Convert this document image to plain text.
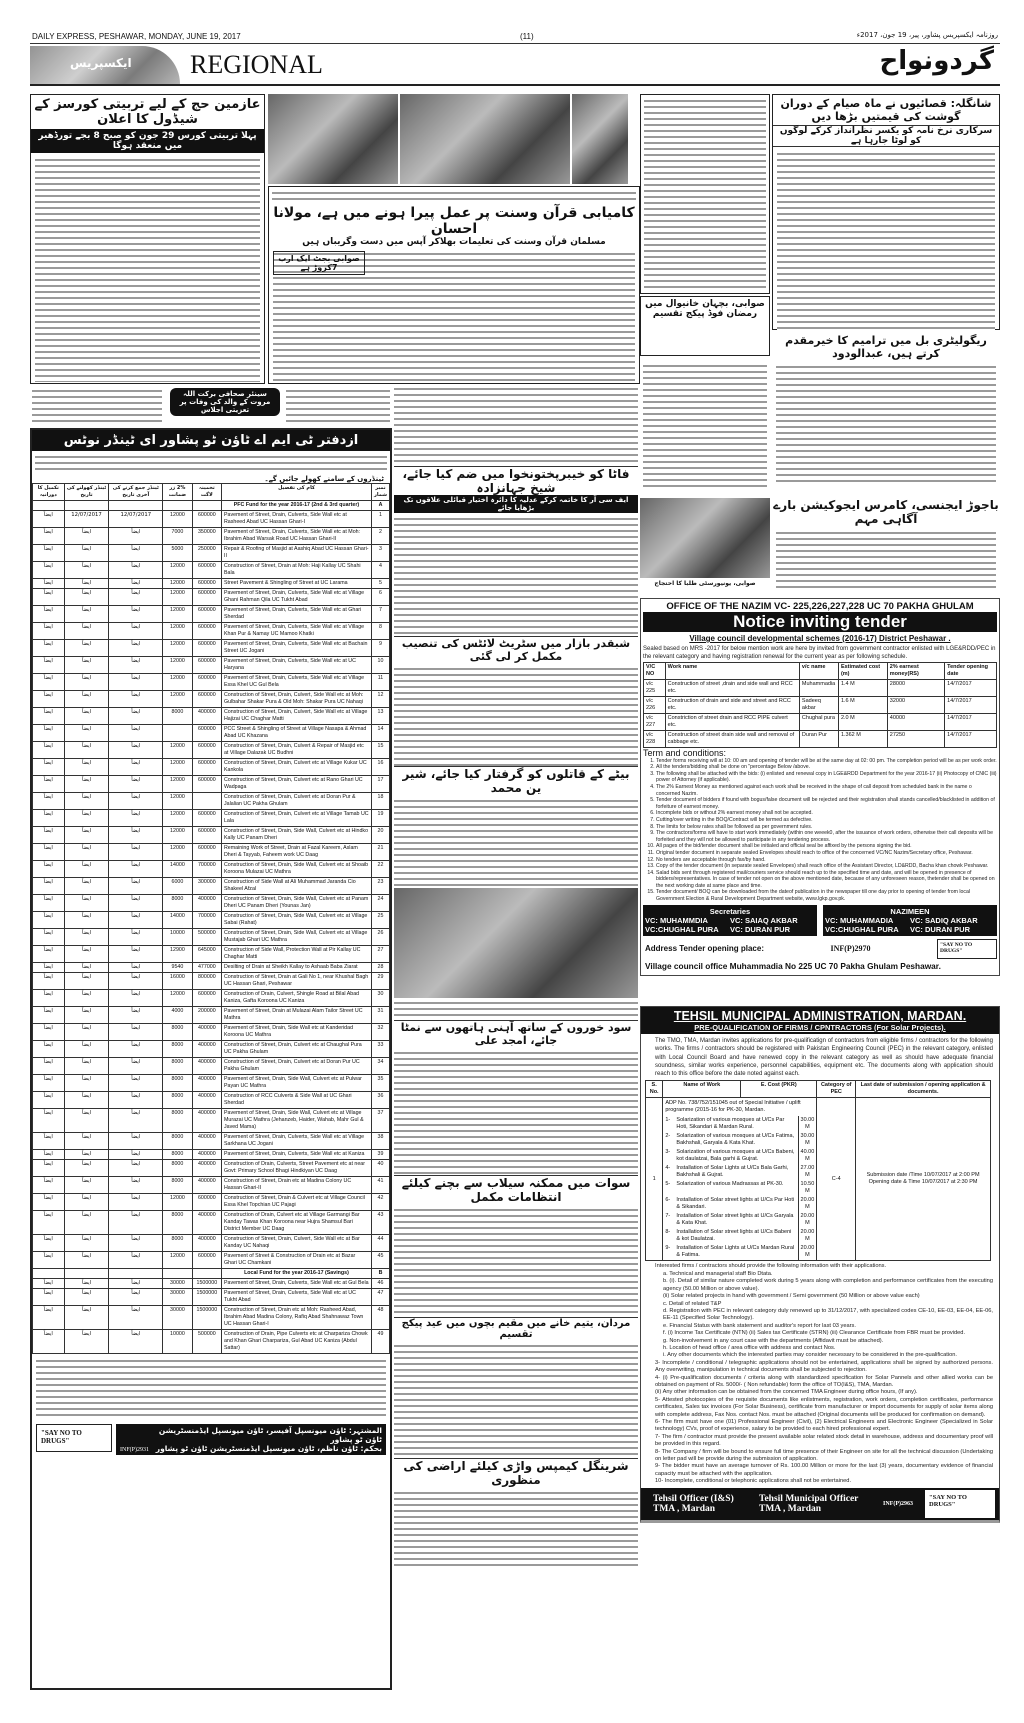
DAILY EXPRESS, PESHAWAR, MONDAY, JUNE 19, 2017	(11)	روزنامہ ایکسپریس پشاور، پیر، 19 جون، 2017ء
ایکسپریس REGIONAL	گردونواح
عازمین حج کے لیے تربیتی کورسز کے شیڈول کا اعلان
پہلا تربیتی کورس 29 جون کو صبح 8 بجے تورڈھیر میں منعقد ہوگا
کامیابی قرآن وسنت پر عمل پیرا ہونے میں ہے، مولانا احسان
مسلمان قرآن وسنت کی تعلیمات بھلاکر آپس میں دست وگریباں ہیں
صوابی بجٹ ایک ارب 7کروڑ ہے
صوابی، بچہان خانیوال میں رمضان فوڈ پیکج تقسیم
شانگلہ: قصائیوں نے ماہ صیام کے دوران گوشت کی قیمتیں بڑھا دیں
سرکاری نرخ نامہ کو یکسر نظرانداز کرکے لوگوں کو لوٹا جارہا ہے
ریگولیٹری بل میں ترامیم کا خیرمقدم کرتے ہیں، عبدالودود
صوابی، یونیورسٹی طلبا کا احتجاج
باجوڑ ایجنسی، کامرس ایجوکیشن بارے آگاہی مہم
سینئر صحافی برکت اللہ مروت کے والد کی وفات پر تعزیتی اجلاس
ازدفتر ٹی ایم اے ٹاؤن ٹو پشاور ای ٹینڈر نوٹس
ٹینڈروں کے سامنے کھولے جائیں گے۔
نمبر شمار	کام کی تفصیل	تخمینہ لاگت	2% زر ضمانت	ٹینڈر جمع کرنے کی آخری تاریخ	ٹینڈر کھولنے کی تاریخ	تکمیل کا دورانیہ
A	PFC Fund for the year 2016-17 (2nd & 3rd quarter)					
1	Pavement of Street, Drain, Culverts, Side Wall etc at Rasheed Abad UC Hassan Ghari-I	600000	12000	12/07/2017	12/07/2017	ایضاً
2	Pavement of Street, Drain, Culverts, Side Wall etc at Moh: Ibrahim Abad Warsak Road UC Hassan Ghari-II	350000	7000	ایضاً	ایضاً	ایضاً
3	Repair & Roofing of Masjid at Aashiq Abad UC Hassan Ghari-II	250000	5000	ایضاً	ایضاً	ایضاً
4	Construction of Street, Drain at Moh: Haji Kallay UC Shahi Bala	600000	12000	ایضاً	ایضاً	ایضاً
5	Street Pavement & Shingling of Street at UC Larama	600000	12000	ایضاً	ایضاً	ایضاً
6	Pavement of Street, Drain, Culverts, Side Wall etc at Village Ghani Rahman Qila UC Tukht Abad	600000	12000	ایضاً	ایضاً	ایضاً
7	Pavement of Street, Drain, Culverts, Side Wall etc at Ghari Sherdad	600000	12000	ایضاً	ایضاً	ایضاً
8	Pavement of Street, Drain, Culverts, Side Wall etc at Village Khan Pur & Namay UC Mamoo Khatki	600000	12000	ایضاً	ایضاً	ایضاً
9	Pavement of Street, Drain, Culverts, Side Wall etc at Bachain Street UC Jogani	600000	12000	ایضاً	ایضاً	ایضاً
10	Pavement of Street, Drain, Culverts, Side Wall etc at UC Haryana	600000	12000	ایضاً	ایضاً	ایضاً
11	Pavement of Street, Drain, Culverts, Side Wall etc at Village Essa Khel UC Gul Bela	600000	12000	ایضاً	ایضاً	ایضاً
12	Construction of Street, Drain, Culvert, Side Wall etc at Moh: Gulbahar Shakar Pura & Old Moh: Shakar Pura UC Nahaqi	600000	12000	ایضاً	ایضاً	ایضاً
13	Construction of Street, Drain, Culvert, Side Wall etc at Village Hajizai UC Chaghar Matti	400000	8000	ایضاً	ایضاً	ایضاً
14	PCC Street & Shingling of Street at Village Nasapa & Ahmad Abad UC Khazana	600000		ایضاً	ایضاً	ایضاً
15	Construction of Street, Drain, Culvert & Repair of Masjid etc at Village Dalazak UC Budhni	600000	12000	ایضاً	ایضاً	ایضاً
16	Construction of Street, Drain, Culvert etc at Village Kukar UC Kankola	600000	12000	ایضاً	ایضاً	ایضاً
17	Construction of Street, Drain, Culvert etc at Rano Ghari UC Wadpaga	600000	12000	ایضاً	ایضاً	ایضاً
18	Construction of Street, Drain, Culvert etc at Doran Pur & Jalalian UC Pakha Ghulam		12000	ایضاً	ایضاً	ایضاً
19	Construction of Street, Drain, Culvert etc at Village Tamab UC Lala	600000	12000	ایضاً	ایضاً	ایضاً
20	Construction of Street, Drain, Side Wall, Culvert etc at Hindko Kally UC Panam Dheri	600000	12000	ایضاً	ایضاً	ایضاً
21	Remaining Work of Street, Drain at Fazal Kareem, Aslam Dheri & Tayyab, Faheem work UC Daag	600000	12000	ایضاً	ایضاً	ایضاً
22	Construction of Street, Drain, Side Wall, Culvert etc at Shoaib Koroona Mulazai UC Mathra	700000	14000	ایضاً	ایضاً	ایضاً
23	Construction of Side Wall at Ali Muhammad Jaranda Cio Shakeel Afzal	300000	6000	ایضاً	ایضاً	ایضاً
24	Construction of Street, Drain, Side Wall, Culvert etc at Panam Dheri UC Panam Dheri (Younas Jan)	400000	8000	ایضاً	ایضاً	ایضاً
25	Construction of Street, Drain, Side Wall, Culvert etc at Village Sabai (Rahat)	700000	14000	ایضاً	ایضاً	ایضاً
26	Construction of Street, Drain, Side Wall, Culvert etc at Village Mustajab Ghari UC Mathra	500000	10000	ایضاً	ایضاً	ایضاً
27	Construction of Side Wall, Protection Wall at Pir Kallay UC Chaghar Matti	645000	12900	ایضاً	ایضاً	ایضاً
28	Desilting of Drain at Sheikh Kallay to Ashaab Baba Ziarat	477000	9540	ایضاً	ایضاً	ایضاً
29	Construction of Street, Drain at Gali No 1, near Khushal Bagh UC Hassan Ghari, Peshawar	800000	16000	ایضاً	ایضاً	ایضاً
30	Construction of Drain, Culvert, Shingle Road at Bilal Abad Kaniza, Gafta Koroona UC Kaniza	600000	12000	ایضاً	ایضاً	ایضاً
31	Pavement of Street, Drain at Mulazai Alam Tailor Street UC Mathra	200000	4000	ایضاً	ایضاً	ایضاً
32	Pavement of Street, Drain, Side Wall etc at Kanderidad Koroona UC Mathra	400000	8000	ایضاً	ایضاً	ایضاً
33	Construction of Street, Drain, Culvert etc at Chaughal Pura UC Pakha Ghulam	400000	8000	ایضاً	ایضاً	ایضاً
34	Construction of Street, Drain, Culvert etc at Doran Pur UC Pakha Ghulam	400000	8000	ایضاً	ایضاً	ایضاً
35	Pavement of Street, Drain, Side Wall, Culvert etc at Pulwar Payan UC Mathra	400000	8000	ایضاً	ایضاً	ایضاً
36	Construction of RCC Culverts & Side Wall at UC Ghari Sherdad	400000	8000	ایضاً	ایضاً	ایضاً
37	Pavement of Street, Drain, Side Wall, Culvert etc at Village Murazai UC Mathra (Jehanzeb, Haider, Wahab, Mahr Gul & Javed Mama)	400000	8000	ایضاً	ایضاً	ایضاً
38	Pavement of Street, Drain, Culverts, Side Wall etc at Village Sarkhana UC Jogani	400000	8000	ایضاً	ایضاً	ایضاً
39	Pavement of Street, Drain, Culverts, Side Wall etc at Kaniza	400000	8000	ایضاً	ایضاً	ایضاً
40	Construction of Drain, Culverts, Street Pavement etc at near Govt: Primary School Bhagi Hindkiyan UC Daag	400000	8000	ایضاً	ایضاً	ایضاً
41	Construction of Street, Drain etc at Madina Colony UC Hassan Ghari-II	400000	8000	ایضاً	ایضاً	ایضاً
42	Construction of Street, Drain & Culvert etc at Village Council Essa Khel Topchian UC Pajagi	600000	12000	ایضاً	ایضاً	ایضاً
43	Construction of Drain, Culvert etc at Village Garmangi Bar Kanday Tawas Khan Koroona near Hujra Shamsul Bari District Member UC Daag	400000	8000	ایضاً	ایضاً	ایضاً
44	Construction of Street, Drain, Culvert, Side Wall etc at Bar Kanday UC Nahaqi	400000	8000	ایضاً	ایضاً	ایضاً
45	Pavement of Street & Construction of Drain etc at Bazar Ghari UC Chamkani	600000	12000	ایضاً	ایضاً	ایضاً
B	Local Fund for the year 2016-17 (Savings)					
46	Pavement of Street, Drain, Culverts, Side Wall etc at Gul Bela	1500000	30000	ایضاً	ایضاً	ایضاً
47	Pavement of Street, Drain, Culverts, Side Wall etc at UC Tukht Abad	1500000	30000	ایضاً	ایضاً	ایضاً
48	Construction of Street, Drain etc at Moh: Rasheed Abad, Ibrahim Abad Madina Colony, Rafiq Abad Shahnawaz Town UC Hassan Ghari-I	1500000	30000	ایضاً	ایضاً	ایضاً
49	Construction of Drain, Pipe Culverts etc at Charpariza Chowk and Khan Ghari Charpariza, Gul Abad UC Kaniza (Abdul Sattar)	500000	10000	ایضاً	ایضاً	ایضاً
"SAY NO TO DRUGS"
INF(P)2931
المشتہر: ٹاؤن میونسپل آفیسر، ٹاؤن میونسپل ایڈمنسٹریشن ٹاؤن ٹو پشاور
بحکم: ٹاؤن ناظم، ٹاؤن میونسپل ایڈمنسٹریشن ٹاؤن ٹو پشاور
فاٹا کو خیبرپختونخوا میں ضم کیا جائے، شیخ جہانزادہ
ایف سی آر کا خاتمہ کرکے عدلیہ کا دائرہ اختیار قبائلی علاقوں تک بڑھایا جائے
شبقدر بازار میں سٹریٹ لائٹس کی تنصیب مکمل کر لی گئی
بیٹے کے قاتلوں کو گرفتار کیا جائے، شیر ین محمد
سود خوروں کے ساتھ آہنی ہاتھوں سے نمٹا جائے، امجد علی
سوات میں ممکنہ سیلاب سے بچنے کیلئے انتظامات مکمل
مردان، یتیم خانے میں مقیم بچوں میں عید پیکج تقسیم
شرینگل کیمپس واڑی کیلئے اراضی کی منظوری
OFFICE OF THE NAZIM VC- 225,226,227,228 UC 70 PAKHA GHULAM
Notice inviting tender
Village council developmental schemes (2016-17) District Peshawar .
Sealed based on MRS -2017 for below mention work are here by invited from government contractor enlisted with LGE&RDD/PEC in the relevant category and having registration renewal for the current year as per following schedule.
V/C NO	Work name	v/c name	Estimated cost (m)	2% earnest money(RS)	Tender opening date
v/c 225	Construction of street ,drain and side wall and RCC etc.	Muhammadia	1.4 M	28000	14/7/2017
v/c 226	Construction of drain and side and street and RCC etc.	Sadeeq akbar	1.6 M	32000	14/7/2017
v/c 227	Constriction of street drain and RCC PIPE culvert etc.	Chughal pura	2.0 M	40000	14/7/2017
v/c 228	Construction of street drain side wall and removal of cabbage etc.	Duran Pur	1.362 M	27250	14/7/2017
Term and conditions:
1. Tender forms receiving will at 10: 00 am and opening of tender will be at the same day at 02: 00 pm. The completion period will be as per work order.
2. All the tenders/bidding shall be done on "percentage Below /above.
3. The following shall be attached with the bids: (i) enlisted and renewal copy in LGE&RDD Department for the year 2016-17 (ii) Photocopy of CNIC (iii) power of Attorney (if applicable).
4. The 2% Earnest Money as mentioned against each work shall be received in the shape of call deposit from scheduled bank in the name o concerned Nazim.
5. Tender document of bidders if found with bogus/false document will be rejected and their registration shall stands cancelled/blacklisted in addition of forfeiture of earnest money.
6. Incomplete bids or without 2% earnest money shall not be accepted.
7. Cutting/over writing in the BOQ/Contract will be termed as defective.
8. The limits for below rates shall be followed as per government rules.
9. The contractors/forms will have to start work immediately (within one weeek0, after the issuance of work orders, otherwise their call deposits will be forfeited and they will not be allowed to participate in any tendering process.
10. All pages of the bid/tender document shall be initialed and official seal be affixed by the persons signing the bid.
11. Original tender document in separate sealed Envelopes should reach to office of the concerned VC/NC Nazim/Secretary office, Peshawar.
12. No tenders are acceptable through fax/by hand.
13. Copy of the tender document (in separate sealed Envelopes) shall reach office of the Assistant Director, LD&RDD, Bacha khan chowk Peshawar.
14. Salad bids sent through registered mail/couriers service should reach up to the specified time and date, and will be opened in presence of bidders/representatives. In case of tender not open on the above mentioned date, because of any unforeseen reason, thetender shall be opened on the next working date at same place and time.
15. Tender document/ BOQ can be downloaded from the dateof publication in the newspaper till one day prior to opening of tender from local Government Election & Rural Development Department website, www.lgkp.gov.pk.
Secretaries
VC: MUHAMMDIA	VC: SAIAQ AKBAR
VC:CHUGHAL PURA	VC: DURAN PUR
NAZIMEEN
VC: MUHAMMADIA	VC: SADIQ AKBAR
VC:CHUGHAL PURA	VC: DURAN PUR
Address Tender opening place:	INF(P)2970	"SAY NO TO DRUGS"
Village council office Muhammadia No 225 UC 70 Pakha Ghulam Peshawar.
TEHSIL MUNICIPAL ADMINISTRATION, MARDAN.
PRE-QUALIFICATION OF FIRMS / CPNTRACTORS (For Solar Projects).
The TMO, TMA, Mardan invites applications for pre-qualificatign of contractors from eligible firms / contractors for the following works. The firms / contractors should be registered with Pakistan Engineering Council (PEC) in the relevant category, enlisted with Local Council Board and have renewed copy in the relevant category as well as should have adequate financial soundness, similar works experience, personnel capabilities, equipment etc. The documents along with application should reach to this office before the date noted against each.
S. No.	Name of Work	E. Cost (PKR)	Category of PEC	Last date of submission / opening application & documents.
1	
ADP No. 738/752/151045 out of Special Initiative / uplift programme (2015-16 for PK-30, Mardan.
1-	Solarization of various mosques at U/Cs Par Hoti, Sikandari & Mardan Rural.	30.00 M
2-	Solarization of various mosques at U/Cs Fatima, Bakhshali, Garyala & Kata Khat.	30.00 M
3-	Solarization of various mosques at U/Cs Babeni, kot daulatzai, Bala garhi & Gujrat.	40.00 M
4-	Installation of Solar Lights at U/Cs Bala Garhi, Bakhshali & Gujrat.	27.00 M
5-	Solarization of various Madrassas at PK-30.	10.50 M
6-	Installation of Solar street lights at U/Cs Par Hoti & Sikandari.	20.00 M
7-	Installation of Solar street lights at U/Cs Garyala & Kata Khat.	20.00 M
8-	Installation of Solar street lights at U/Cs Babeni & kot Daulatzai.	20.00 M
9-	Installation of Solar Lights at U/Cs Mardan Rural & Fatima.	20.00 M
	C-4	Submission date /Time 10/07/2017 at 2:00 PM Opening date & Time 10/07/2017 at 2:30 PM
Interested firms / contractors should provide the following information with their applications.
a. Technical and managerial staff Bio Dtata.
b. (i). Detail of similar nature completed work during 5 years along with completion and performance certificates from the executing agency (50.00 Million or above value).
(ii) Solar related projects in hand with government / Semi government (50 Million or above value each)
c. Detail of related T&P
d. Registration with PEC in relevant category duly renewed up to 31/12/2017, with specialized codes CE-10, EE-03, EE-04, EE-06, EE-11 (Specified Solar Technology).
e. Financial Status with bank statement and auditor's report for last 03 years.
f. (i) Income Tax Certificate (NTN) (ii) Sales tax Certificate (STRN) (iii) Clearance Certificate from FBR must be provided.
g. Non-involvement in any court case with the departments (Affidavit must be attached).
h. Location of head office / area office with address and contact Nos.
i. Any other documents which the interested parties may consider necessary to be considered in the pre-qualification.
3- Incomplete / conditional / telegraphic applications should not be entertained, applications shall be signed by authorized persons. Any overwriting, manipulation in technical documents shall be subjected to rejection.
4- (i) Pre-qualification documents / criteria along with standardized specification for Solar Pannels and other allied works can be obtained on payment of Rs. 5000/- ( Non refundable) form the office of TO(I&S), TMA, Mardan.
(ii) Any other information can be obtained from the concerned TMA Engineer during office hours, (If any).
5- Attested photocopies of the requisite documents like enlistments, registration, work orders, completion certificates, performance certificates, Sales tax invoices (For Solar Business), certificate from manufacturer or import documents for supply of solar items along with complete address, Fax Nos. contact Nos. must be attached (Original documents will be produced for confirmation on demand).
6- The firm must have one (01) Professional Engineer (Civil), (2) Electrical Engineers and Electronic Engineer (Specialized in Solar technology) CVs, proof of experience, salary to be provided to each hired professional expert.
7- The firm / contractor must provide the present available solar related stock detail in warehouse, address and documentary proof will be provided in this regard.
8- The Company / firm will be bound to ensure full time presence of their Engineer on site for all the technical discussion (Undertaking on letter pad will be provide during the submission of application.
9- The bidder must have an average turnover of Rs. 100.00 Million or more for the last (3) years, documentary evidence of financial capacity must be attached with the application.
10- Incomplete, conditional or telephonic applications shall not be entertained.
Tehsil Officer (I&S) TMA , Mardan
Tehsil Municipal Officer TMA , Mardan	INF(P)2963
"SAY NO TO DRUGS"
